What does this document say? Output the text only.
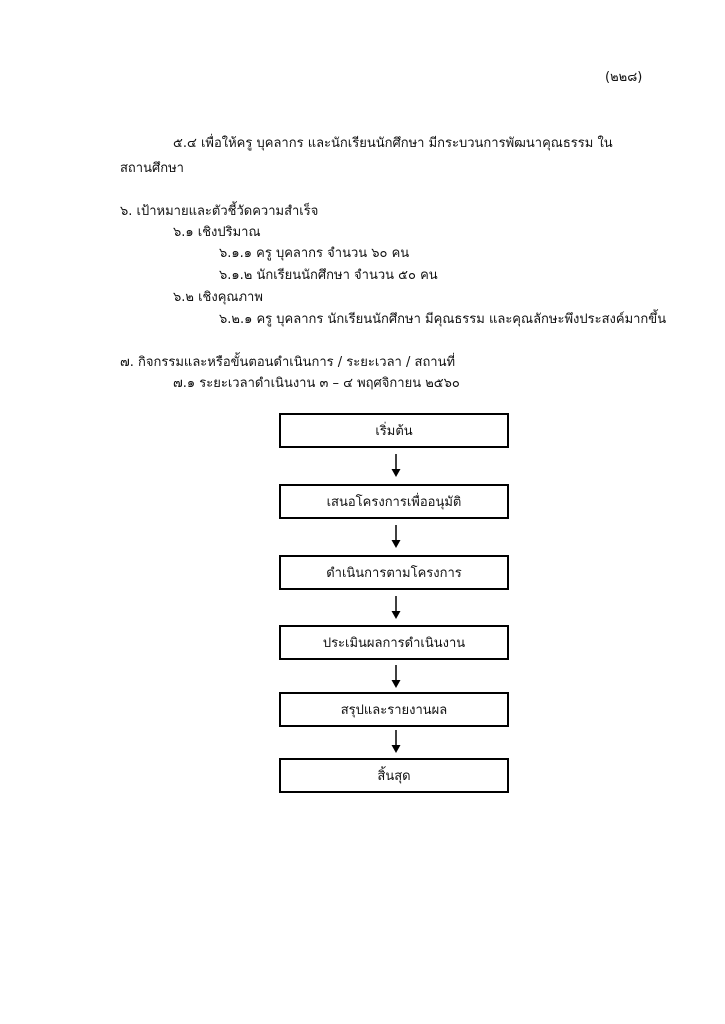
(๒๒๘)
๕.๔ เพื่อให้ครู บุคลากร และนักเรียนนักศึกษา มีกระบวนการพัฒนาคุณธรรม ใน
สถานศึกษา
๖. เป้าหมายและตัวชี้วัดความสำเร็จ
๖.๑ เชิงปริมาณ
๖.๑.๑ ครู บุคลากร จำนวน ๖๐ คน
๖.๑.๒ นักเรียนนักศึกษา จำนวน ๕๐ คน
๖.๒ เชิงคุณภาพ
๖.๒.๑ ครู บุคลากร นักเรียนนักศึกษา มีคุณธรรม และคุณลักษะพึงประสงค์มากขึ้น
๗. กิจกรรมและหรือขั้นตอนดำเนินการ / ระยะเวลา / สถานที่
๗.๑ ระยะเวลาดำเนินงาน ๓ – ๔ พฤศจิกายน ๒๕๖๐
เริ่มต้น
เสนอโครงการเพื่ออนุมัติ
ดำเนินการตามโครงการ
ประเมินผลการดำเนินงาน
สรุปและรายงานผล
สิ้นสุด
